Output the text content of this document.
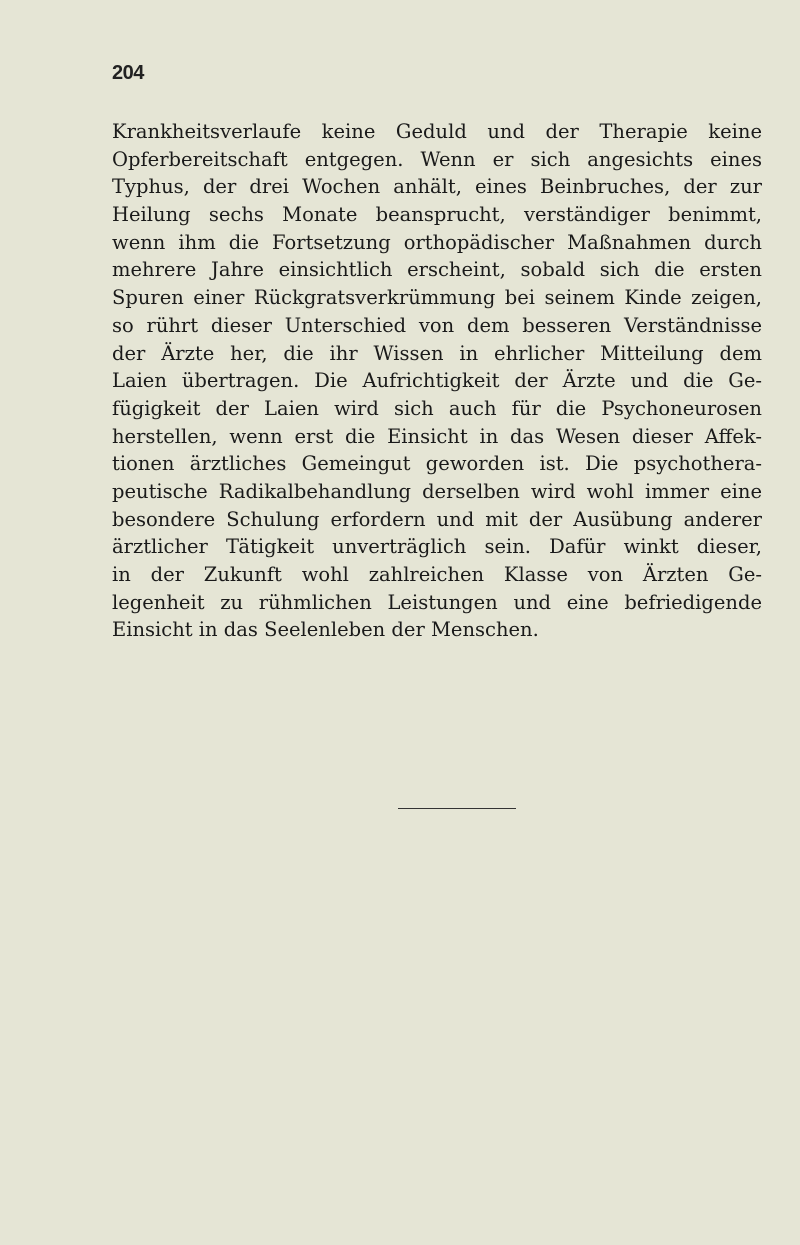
204
Krankheitsverlaufe keine Geduld und der Therapie keine
Opferbereitschaft entgegen. Wenn er sich angesichts eines
Typhus, der drei Wochen anhält, eines Beinbruches, der zur
Heilung sechs Monate beansprucht, verständiger benimmt,
wenn ihm die Fortsetzung orthopädischer Maßnahmen durch
mehrere Jahre einsichtlich erscheint, sobald sich die ersten
Spuren einer Rückgratsverkrümmung bei seinem Kinde zeigen,
so rührt dieser Unterschied von dem besseren Verständnisse
der Ärzte her, die ihr Wissen in ehrlicher Mitteilung dem
Laien übertragen. Die Aufrichtigkeit der Ärzte und die Ge-
fügigkeit der Laien wird sich auch für die Psychoneurosen
herstellen, wenn erst die Einsicht in das Wesen dieser Affek-
tionen ärztliches Gemeingut geworden ist. Die psychothera-
peutische Radikalbehandlung derselben wird wohl immer eine
besondere Schulung erfordern und mit der Ausübung anderer
ärztlicher Tätigkeit unverträglich sein. Dafür winkt dieser,
in der Zukunft wohl zahlreichen Klasse von Ärzten Ge-
legenheit zu rühmlichen Leistungen und eine befriedigende
Einsicht in das Seelenleben der Menschen.
